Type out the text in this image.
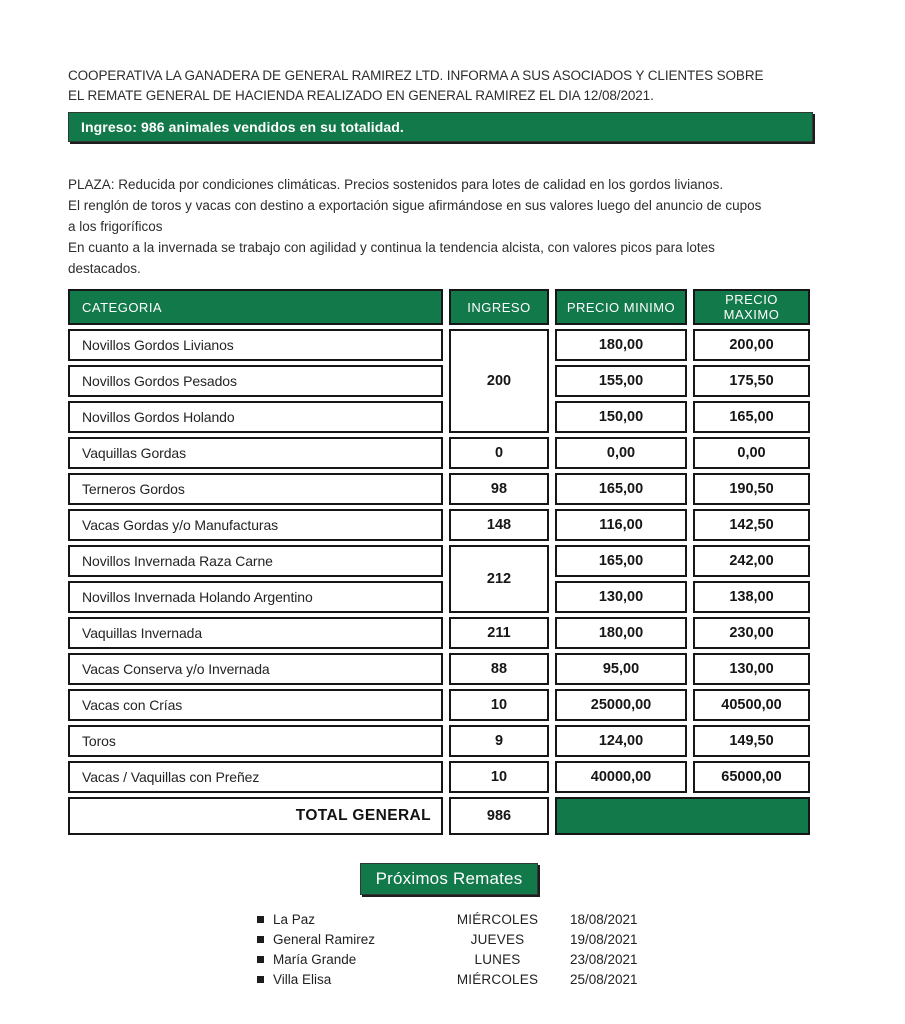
COOPERATIVA LA GANADERA DE GENERAL RAMIREZ LTD. INFORMA A SUS ASOCIADOS Y CLIENTES SOBRE
EL REMATE GENERAL DE HACIENDA REALIZADO EN GENERAL RAMIREZ EL DIA 12/08/2021.
Ingreso: 986 animales vendidos en su totalidad.
PLAZA: Reducida por condiciones climáticas. Precios sostenidos para lotes de calidad en los gordos livianos.
El renglón de toros y vacas con destino a exportación sigue afirmándose en sus valores luego del anuncio de cupos
a los frigoríficos
En cuanto a la invernada se trabajo con agilidad y continua la tendencia alcista, con valores picos para lotes
destacados.
CATEGORIA	INGRESO	PRECIO MINIMO	PRECIO MAXIMO
Novillos Gordos Livianos	200	180,00	200,00
Novillos Gordos Pesados		155,00	175,50
Novillos Gordos Holando		150,00	165,00
Vaquillas Gordas	0	0,00	0,00
Terneros Gordos	98	165,00	190,50
Vacas Gordas y/o Manufacturas	148	116,00	142,50
Novillos Invernada Raza Carne	212	165,00	242,00
Novillos Invernada Holando Argentino		130,00	138,00
Vaquillas Invernada	211	180,00	230,00
Vacas Conserva y/o Invernada	88	95,00	130,00
Vacas con Crías	10	25000,00	40500,00
Toros	9	124,00	149,50
Vacas / Vaquillas con Preñez	10	40000,00	65000,00
TOTAL GENERAL	986		
Próximos Remates
La Paz	MIÉRCOLES	18/08/2021
General Ramirez	JUEVES	19/08/2021
María Grande	LUNES	23/08/2021
Villa Elisa	MIÉRCOLES	25/08/2021
